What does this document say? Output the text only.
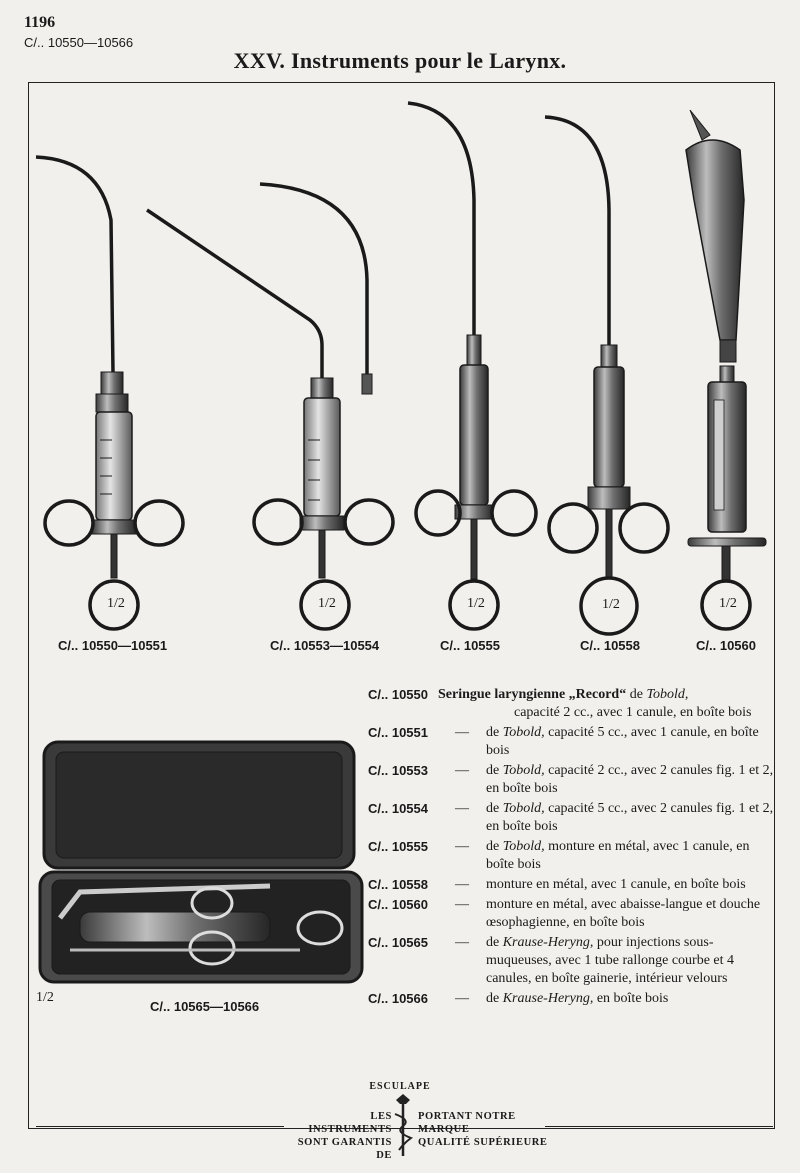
1196
C/.. 10550—10566
XXV. Instruments pour le Larynx.
1/2	1/2	1/2	1/2	1/2
1/2
C/.. 10550—10551	C/.. 10553—10554	C/.. 10555	C/.. 10558	C/.. 10560
C/.. 10565—10566
C/.. 10550 Seringue laryngienne „Record“ de Tobold,
capacité 2 cc., avec 1 canule, en boîte bois
C/.. 10551	—	de Tobold, capacité 5 cc., avec 1 canule, en boîte bois
C/.. 10553	—	de Tobold, capacité 2 cc., avec 2 canules fig. 1 et 2, en boîte bois
C/.. 10554	—	de Tobold, capacité 5 cc., avec 2 canules fig. 1 et 2, en boîte bois
C/.. 10555	—	de Tobold, monture en métal, avec 1 canule, en boîte bois
C/.. 10558	—	monture en métal, avec 1 canule, en boîte bois
C/.. 10560	—	monture en métal, avec abaisse-langue et douche œsophagienne, en boîte bois
C/.. 10565	—	de Krause-Heryng, pour injections sous-muqueuses, avec 1 tube rallonge courbe et 4 canules, en boîte gainerie, intérieur velours
C/.. 10566	—	de Krause-Heryng, en boîte bois
ESCULAPE
LES INSTRUMENTS
SONT GARANTIS DE
PORTANT NOTRE MARQUE
QUALITÉ SUPÉRIEURE
